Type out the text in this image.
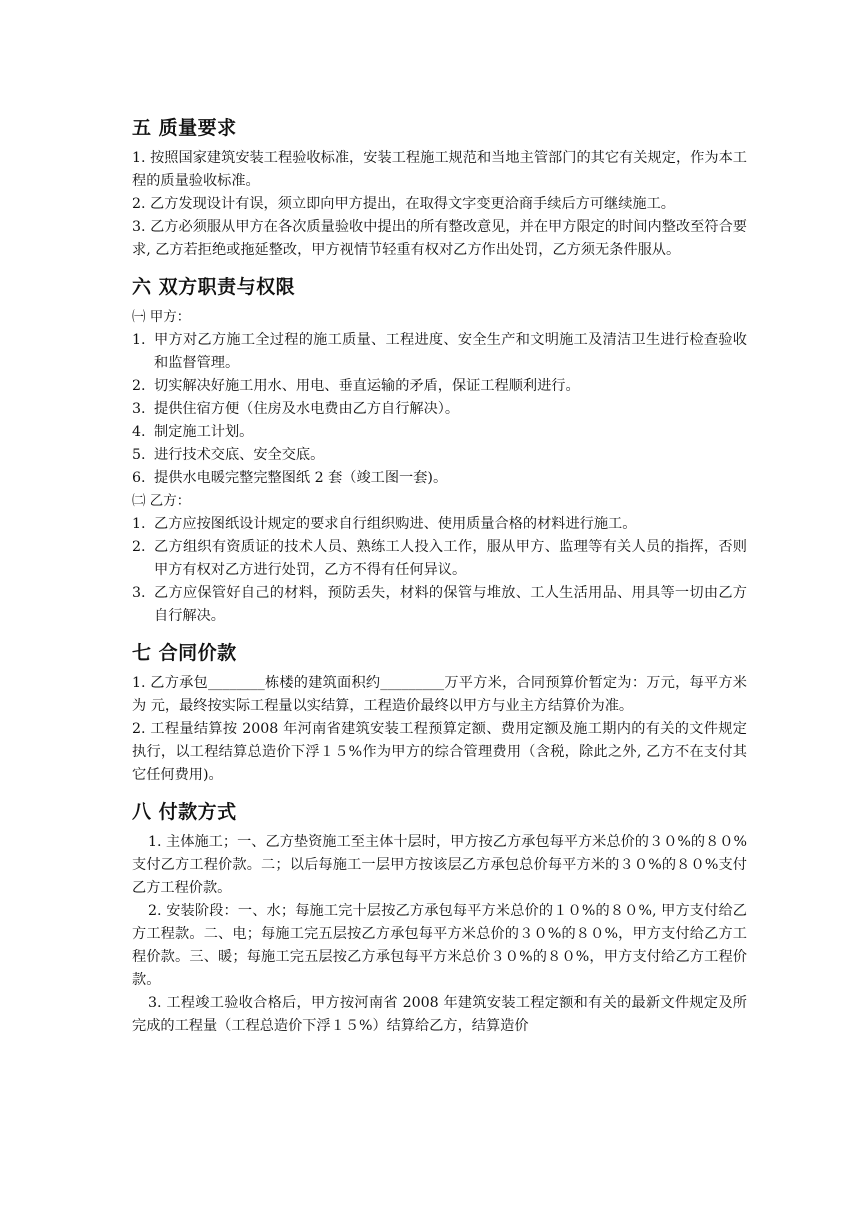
五 质量要求

1. 按照国家建筑安装工程验收标准，安装工程施工规范和当地主管部门的其它有关规定，作为本工程的质量验收标准。

2. 乙方发现设计有误，须立即向甲方提出，在取得文字变更洽商手续后方可继续施工。

3. 乙方必须服从甲方在各次质量验收中提出的所有整改意见，并在甲方限定的时间内整改至符合要求, 乙方若拒绝或拖延整改，甲方视情节轻重有权对乙方作出处罚，乙方须无条件服从。

六 双方职责与权限
㈠ 甲方：
1. 甲方对乙方施工全过程的施工质量、工程进度、安全生产和文明施工及清洁卫生进行检查验收和监督管理。
2. 切实解决好施工用水、用电、垂直运输的矛盾，保证工程顺利进行。
3. 提供住宿方便（住房及水电费由乙方自行解决）。
4. 制定施工计划。
5. 进行技术交底、安全交底。
6. 提供水电暖完整完整图纸 2 套（竣工图一套)。
㈡ 乙方：
1. 乙方应按图纸设计规定的要求自行组织购进、使用质量合格的材料进行施工。
2. 乙方组织有资质证的技术人员、熟练工人投入工作，服从甲方、监理等有关人员的指挥，否则甲方有权对乙方进行处罚，乙方不得有任何异议。
3. 乙方应保管好自己的材料，预防丢失，材料的保管与堆放、工人生活用品、用具等一切由乙方自行解决。
七 合同价款

1. 乙方承包________栋楼的建筑面积约_________万平方米，合同预算价暂定为：万元，每平方米为 元，最终按实际工程量以实结算，工程造价最终以甲方与业主方结算价为准。

2. 工程量结算按 2008 年河南省建筑安装工程预算定额、费用定额及施工期内的有关的文件规定执行，以工程结算总造价下浮１５%作为甲方的综合管理费用（含税，除此之外, 乙方不在支付其它任何费用)。

八 付款方式

1. 主体施工；一、乙方垫资施工至主体十层时，甲方按乙方承包每平方米总价的３０%的８０%支付乙方工程价款。二；以后每施工一层甲方按该层乙方承包总价每平方米的３０%的８０%支付乙方工程价款。

2. 安装阶段：一、水；每施工完十层按乙方承包每平方米总价的１０%的８０%, 甲方支付给乙方工程款。二、电；每施工完五层按乙方承包每平方米总价的３０%的８０%，甲方支付给乙方工程价款。三、暖；每施工完五层按乙方承包每平方米总价３０%的８０%，甲方支付给乙方工程价款。

3. 工程竣工验收合格后，甲方按河南省 2008 年建筑安装工程定额和有关的最新文件规定及所完成的工程量（工程总造价下浮１５%）结算给乙方，结算造价
